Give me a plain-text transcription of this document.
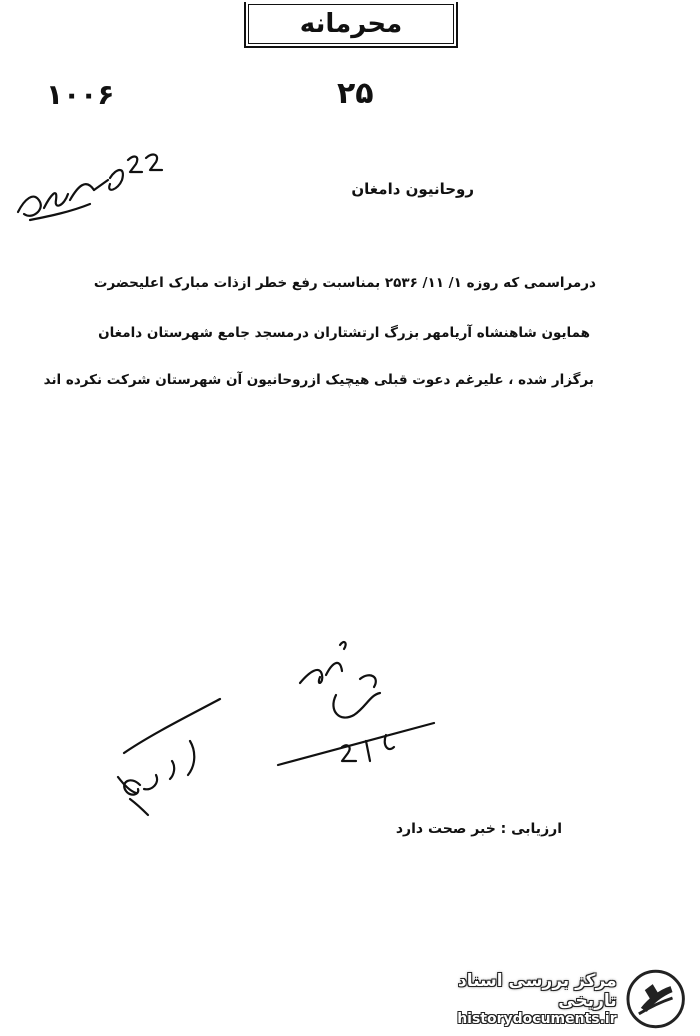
محرمانه
۱۰۰۶	۲۵
روحانیون دامغان
درمراسمی که روزه ۱/ ۱۱/ ۲۵۳۶ بمناسبت رفع خطر ازذات مبارک اعلیحضرت
همایون شاهنشاه آریامهر بزرگ ارتشتاران درمسجد جامع شهرستان دامغان
برگزار شده ، علیرغم دعوت قبلی هیچیک ازروحانیون آن شهرستان شرکت نکرده اند
ارزیابی : خبر صحت دارد
مرکز بررسی اسناد تاریخی
historydocuments.ir
